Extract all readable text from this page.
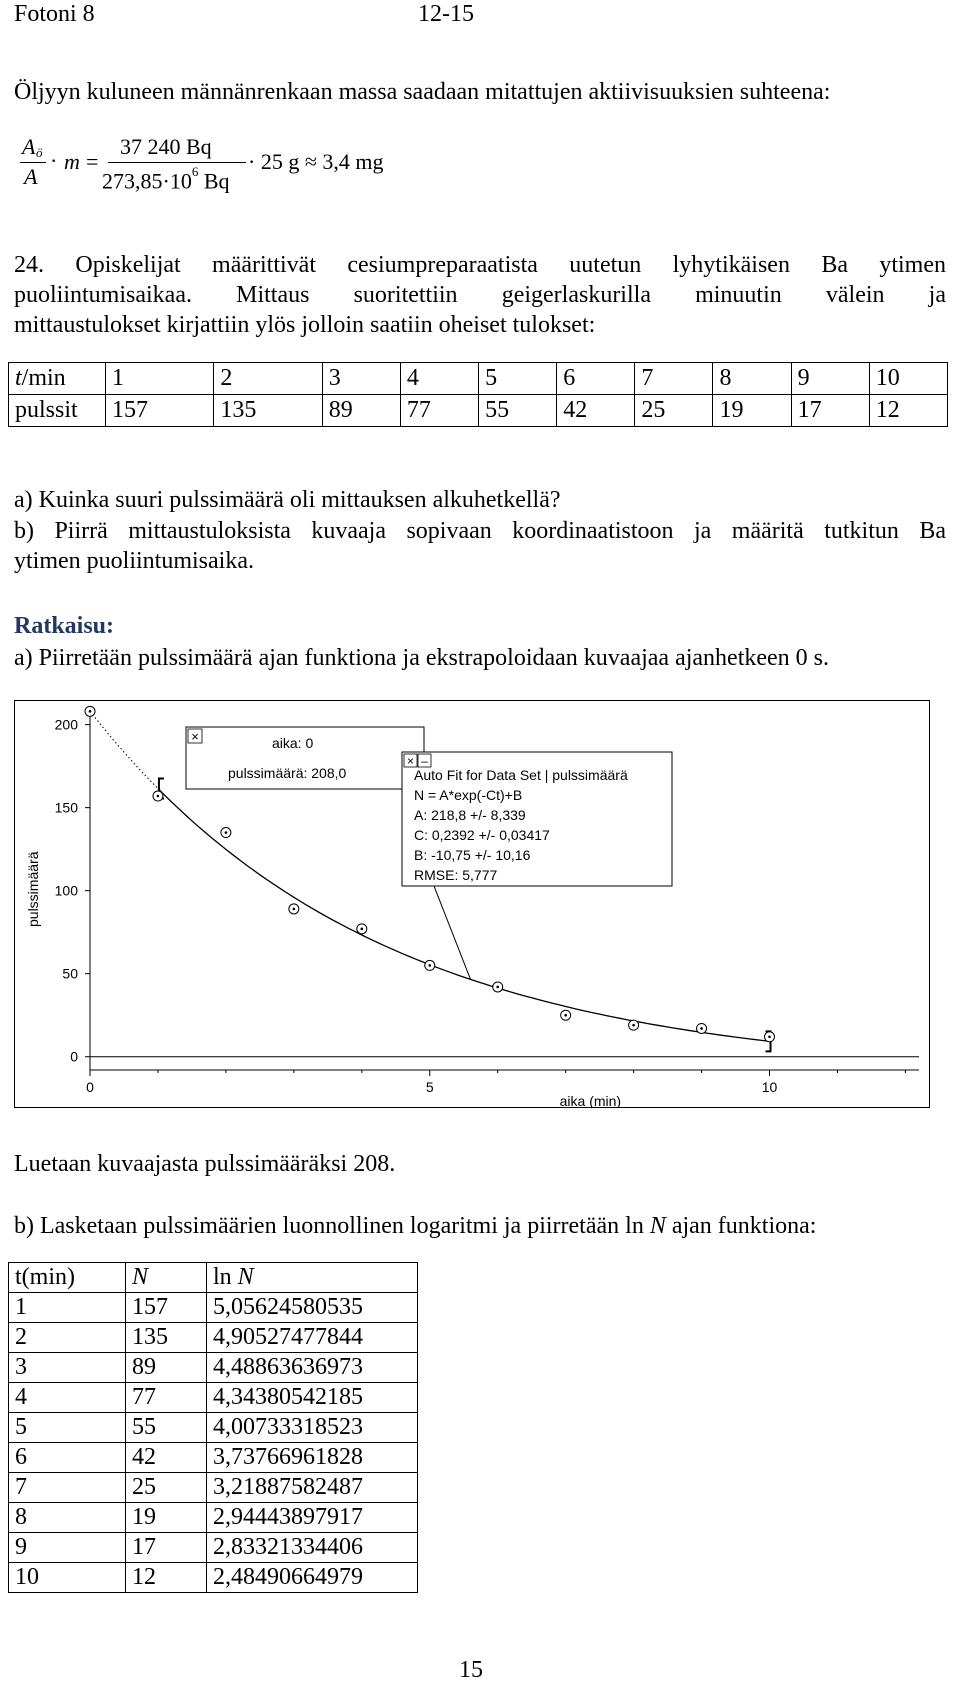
Fotoni 8	12-15
Öljyyn kuluneen männänrenkaan massa saadaan mitattujen aktiivisuuksien suhteena:
A ö
A
· m =
37 240 Bq
$273,85\cdot 10^6$ Bq
· 25 g ≈ 3,4 mg
24. Opiskelijat määrittivät cesiumpreparaatista uutetun lyhytikäisen Ba ytimen
puoliintumisaikaa. Mittaus suoritettiin geigerlaskurilla minuutin välein ja
mittaustulokset kirjattiin ylös jolloin saatiin oheiset tulokset:
t/min	1	2	3	4	5	6	7	8	9	10
pulssit	157	135	89	77	55	42	25	19	17	12
a) Kuinka suuri pulssimäärä oli mittauksen alkuhetkellä?
b) Piirrä mittaustuloksista kuvaaja sopivaan koordinaatistoon ja määritä tutkitun Ba
ytimen puoliintumisaika.
Ratkaisu:
a) Piirretään pulssimäärä ajan funktiona ja ekstrapoloidaan kuvaajaa ajanhetkeen 0 s.
0
50
100
150
200
0	5	10
pulssimäärä
aika (min)
×	aika: 0
pulssimäärä: 208,0
× –
Auto Fit for Data Set | pulssimäärä
N = A*exp(-Ct)+B
A: 218,8 +/- 8,339
C: 0,2392 +/- 0,03417
B: -10,75 +/- 10,16
RMSE: 5,777
Luetaan kuvaajasta pulssimääräksi 208.
b) Lasketaan pulssimäärien luonnollinen logaritmi ja piirretään ln N ajan funktiona:
t(min)	N	ln N
1	157	5,05624580535
2	135	4,90527477844
3	89	4,48863636973
4	77	4,34380542185
5	55	4,00733318523
6	42	3,73766961828
7	25	3,21887582487
8	19	2,94443897917
9	17	2,83321334406
10	12	2,48490664979
15
